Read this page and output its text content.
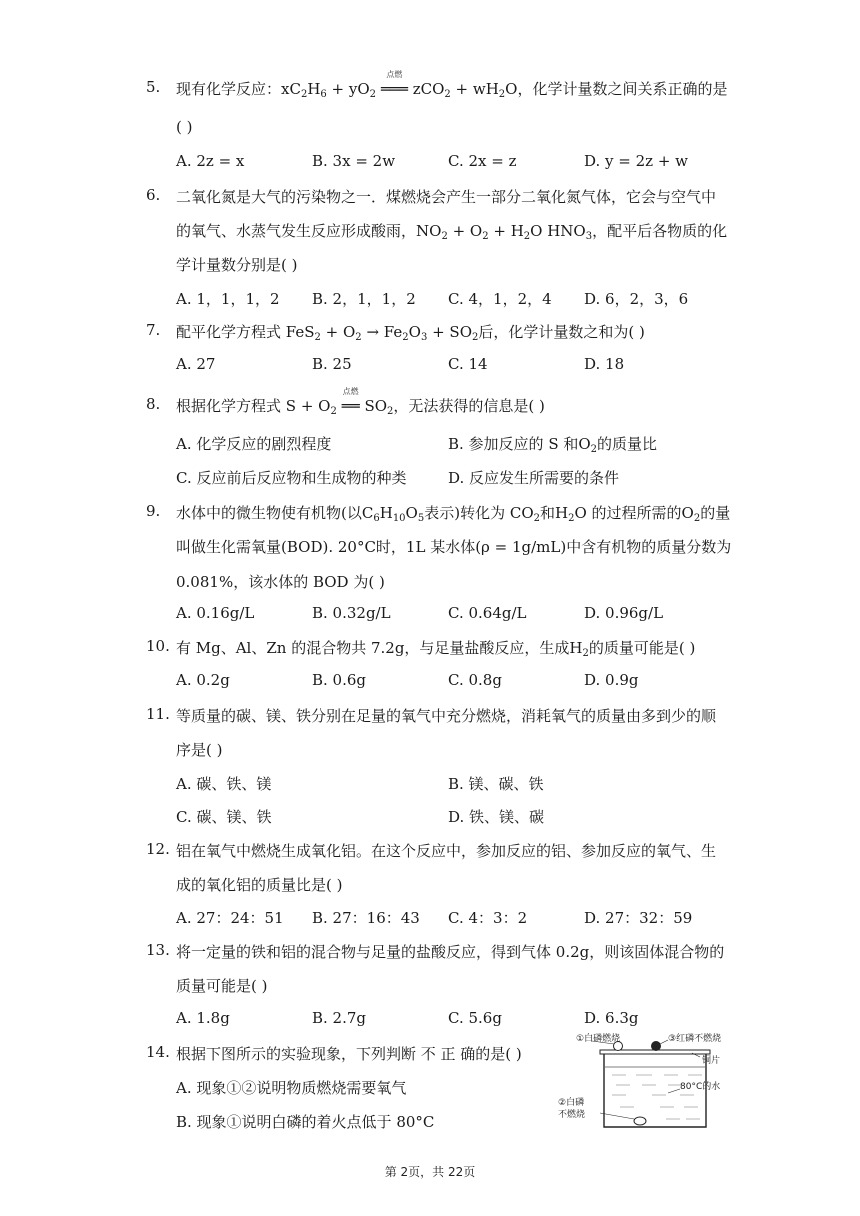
5. 现有化学反应：$xC_2H_6 + yO_2$
点燃
═══ $zCO_2 + wH_2O$，化学计量数之间关系正确的是
( )
A. 2z = x	B. 3x = 2w	C. 2x = z	D. y = 2z + w
6. 二氧化氮是大气的污染物之一．煤燃烧会产生一部分二氧化氮气体，它会与空气中
的氧气、水蒸气发生反应形成酸雨，$NO_2 + O_2 + H_2O$ $HNO_3$，配平后各物质的化
学计量数分别是( )
A. 1，1，1，2 B. 2，1，1，2 C. 4，1，2，4 D. 6，2，3，6
7. 配平化学方程式 $FeS_2 + O_2 \to Fe_2O_3 + SO_2$后，化学计量数之和为( )
A. 27	B. 25	C. 14	D. 18
8. 根据化学方程式 $S + O_2$
点燃
══ $SO_2$，无法获得的信息是( )
A. 化学反应的剧烈程度	B. 参加反应的 S 和$O_2$的质量比
C. 反应前后反应物和生成物的种类	D. 反应发生所需要的条件
9. 水体中的微生物使有机物(以$C_6H_{10}O_5$表示)转化为 $CO_2$和$H_2O$ 的过程所需的$O_2$的量
叫做生化需氧量(BOD). 20°C时，1L 某水体(ρ = 1g/mL)中含有机物的质量分数为
0.081%，该水体的 BOD 为( )
A. 0.16g/L	B. 0.32g/L	C. 0.64g/L	D. 0.96g/L
10. 有 Mg、Al、Zn 的混合物共 7.2g，与足量盐酸反应，生成$H_2$的质量可能是( )
A. 0.2g	B. 0.6g	C. 0.8g	D. 0.9g
11. 等质量的碳、镁、铁分别在足量的氧气中充分燃烧，消耗氧气的质量由多到少的顺
序是( )
A. 碳、铁、镁	B. 镁、碳、铁
C. 碳、镁、铁	D. 铁、镁、碳
12. 铝在氧气中燃烧生成氧化铝。在这个反应中，参加反应的铝、参加反应的氧气、生
成的氧化铝的质量比是( )
A. 27：24：51 B. 27：16：43 C. 4：3：2	D. 27：32：59
13. 将一定量的铁和铝的混合物与足量的盐酸反应，得到气体 0.2g，则该固体混合物的
质量可能是( )
A. 1.8g	B. 2.7g	C. 5.6g	D. 6.3g
14. 根据下图所示的实验现象，下列判断 不 正 确的是( )
A. 现象①②说明物质燃烧需要氧气
B. 现象①说明白磷的着火点低于 80°C
①白磷燃烧	③红磷不燃烧
铜片
80°C的水
②白磷
不燃烧
第 2页，共 22页
